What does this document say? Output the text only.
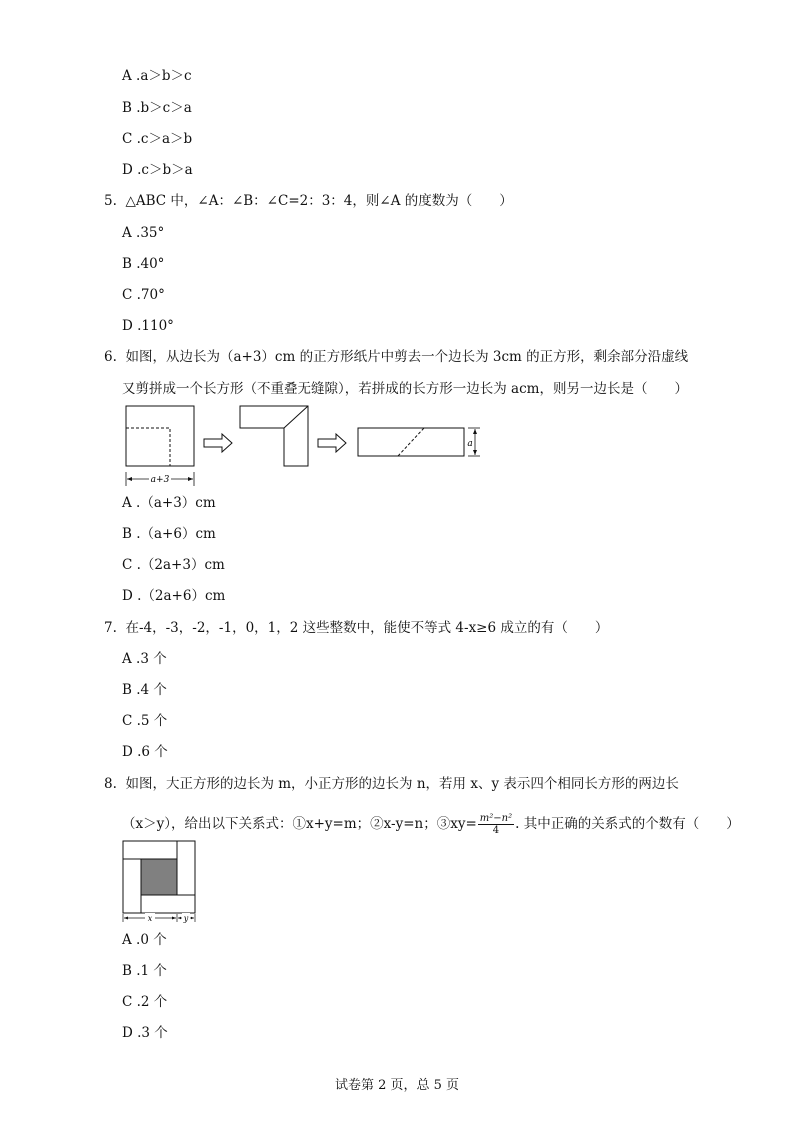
A .a＞b＞c
B .b＞c＞a
C .c＞a＞b
D .c＞b＞a
5.  △ABC 中，∠A：∠B：∠C=2：3：4，则∠A 的度数为（　　）
A .35°
B .40°
C .70°
D .110°
6.  如图，从边长为（a+3）cm 的正方形纸片中剪去一个边长为 3cm 的正方形，剩余部分沿虚线
又剪拼成一个长方形（不重叠无缝隙），若拼成的长方形一边长为 acm，则另一边长是（　　）
a+3
a
A .（a+3）cm
B .（a+6）cm
C .（2a+3）cm
D .（2a+6）cm
7.  在-4，-3，-2，-1，0，1，2 这些整数中，能使不等式 4-x≥6 成立的有（　　）
A .3 个
B .4 个
C .5 个
D .6 个
8.  如图，大正方形的边长为 m，小正方形的边长为 n，若用 x、y 表示四个相同长方形的两边长
（x＞y），给出以下关系式：①x+y=m；②x-y=n；③xy= $\frac{\text{m²−n²}}{4}$ . 其中正确的关系式的个数有（　　）
x	y
A .0 个
B .1 个
C .2 个
D .3 个
试卷第 2 页，总 5 页
